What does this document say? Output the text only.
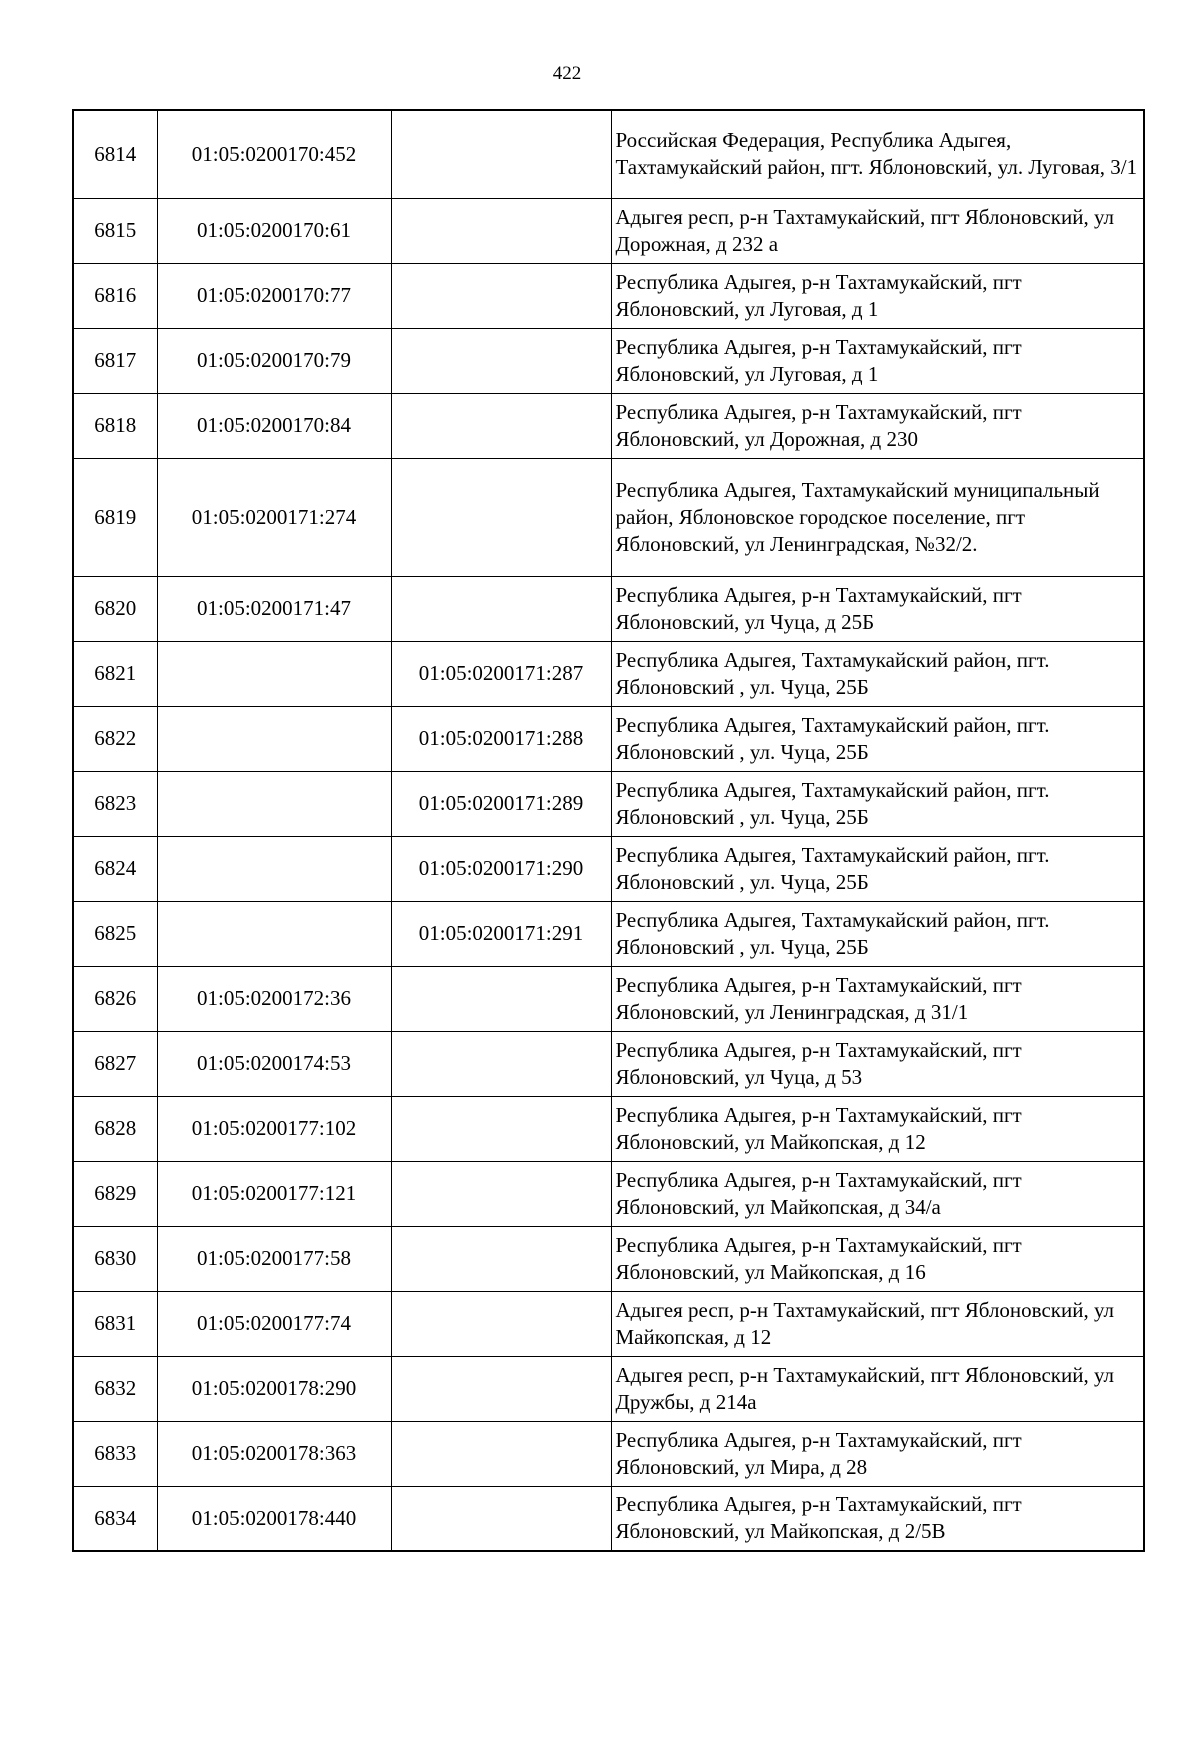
422
6814	01:05:0200170:452		Российская Федерация, Республика Адыгея, Тахтамукайский район, пгт. Яблоновский, ул. Луговая, 3/1
6815	01:05:0200170:61		Адыгея респ, р-н Тахтамукайский, пгт Яблоновский, ул Дорожная, д 232 а
6816	01:05:0200170:77		Республика Адыгея, р-н Тахтамукайский, пгт Яблоновский, ул Луговая, д 1
6817	01:05:0200170:79		Республика Адыгея, р-н Тахтамукайский, пгт Яблоновский, ул Луговая, д 1
6818	01:05:0200170:84		Республика Адыгея, р-н Тахтамукайский, пгт Яблоновский, ул Дорожная, д 230
6819	01:05:0200171:274		Республика Адыгея, Тахтамукайский муниципальный район, Яблоновское городское поселение, пгт Яблоновский, ул Ленинградская, №32/2.
6820	01:05:0200171:47		Республика Адыгея, р-н Тахтамукайский, пгт Яблоновский, ул Чуца, д 25Б
6821		01:05:0200171:287	Республика Адыгея, Тахтамукайский район, пгт. Яблоновский , ул. Чуца, 25Б
6822		01:05:0200171:288	Республика Адыгея, Тахтамукайский район, пгт. Яблоновский , ул. Чуца, 25Б
6823		01:05:0200171:289	Республика Адыгея, Тахтамукайский район, пгт. Яблоновский , ул. Чуца, 25Б
6824		01:05:0200171:290	Республика Адыгея, Тахтамукайский район, пгт. Яблоновский , ул. Чуца, 25Б
6825		01:05:0200171:291	Республика Адыгея, Тахтамукайский район, пгт. Яблоновский , ул. Чуца, 25Б
6826	01:05:0200172:36		Республика Адыгея, р-н Тахтамукайский, пгт Яблоновский, ул Ленинградская, д 31/1
6827	01:05:0200174:53		Республика Адыгея, р-н Тахтамукайский, пгт Яблоновский, ул Чуца, д 53
6828	01:05:0200177:102		Республика Адыгея, р-н Тахтамукайский, пгт Яблоновский, ул Майкопская, д 12
6829	01:05:0200177:121		Республика Адыгея, р-н Тахтамукайский, пгт Яблоновский, ул Майкопская, д 34/а
6830	01:05:0200177:58		Республика Адыгея, р-н Тахтамукайский, пгт Яблоновский, ул Майкопская, д 16
6831	01:05:0200177:74		Адыгея респ, р-н Тахтамукайский, пгт Яблоновский, ул Майкопская, д 12
6832	01:05:0200178:290		Адыгея респ, р-н Тахтамукайский, пгт Яблоновский, ул Дружбы, д 214а
6833	01:05:0200178:363		Республика Адыгея, р-н Тахтамукайский, пгт Яблоновский, ул Мира, д 28
6834	01:05:0200178:440		Республика Адыгея, р-н Тахтамукайский, пгт Яблоновский, ул Майкопская, д 2/5В
